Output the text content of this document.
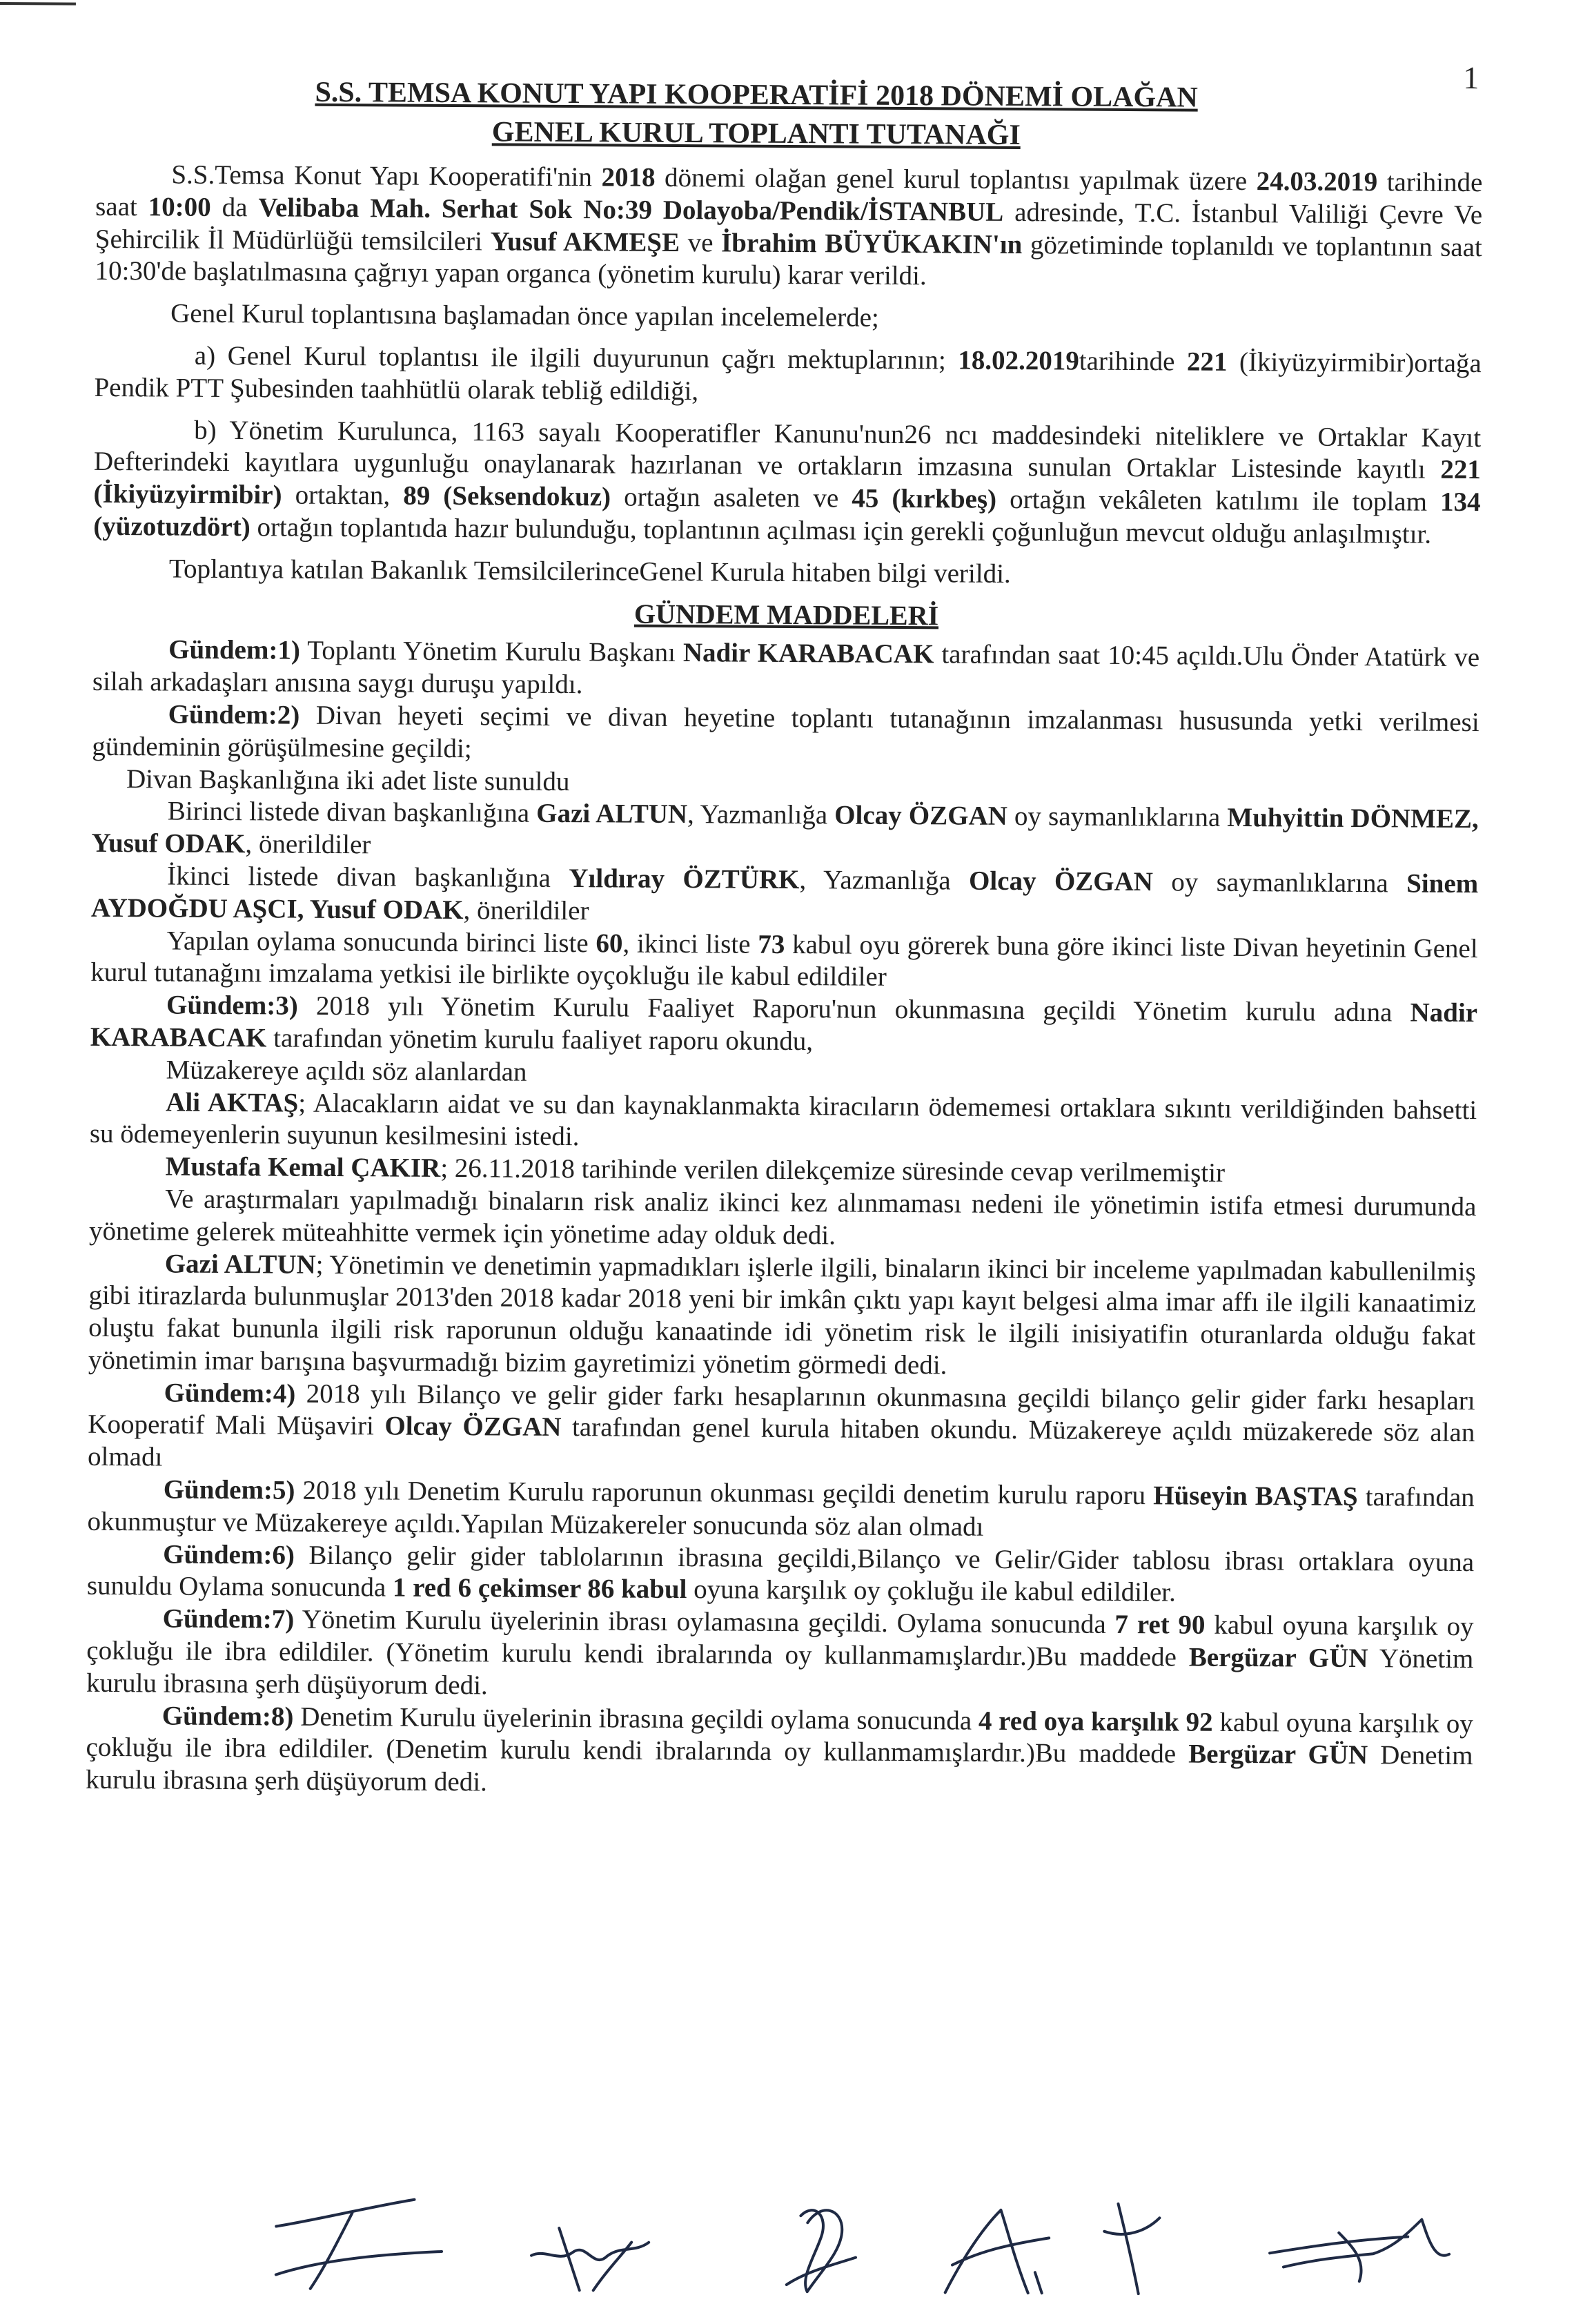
1
S.S. TEMSA KONUT YAPI KOOPERATİFİ 2018 DÖNEMİ OLAĞAN
GENEL KURUL TOPLANTI TUTANAĞI

S.S.Temsa Konut Yapı Kooperatifi'nin 2018 dönemi olağan genel kurul toplantısı yapılmak üzere 24.03.2019 tarihinde saat 10:00 da Velibaba Mah. Serhat Sok No:39 Dolayoba/Pendik/İSTANBUL adresinde, T.C. İstanbul Valiliği Çevre Ve Şehircilik İl Müdürlüğü temsilcileri Yusuf AKMEŞE ve İbrahim BÜYÜKAKIN'ın gözetiminde toplanıldı ve toplantının saat 10:30'de başlatılmasına çağrıyı yapan organca (yönetim kurulu) karar verildi.

Genel Kurul toplantısına başlamadan önce yapılan incelemelerde;

a) Genel Kurul toplantısı ile ilgili duyurunun çağrı mektuplarının; 18.02.2019tarihinde 221 (İkiyüzyirmibir)ortağa Pendik PTT Şubesinden taahhütlü olarak tebliğ edildiği,

b) Yönetim Kurulunca, 1163 sayalı Kooperatifler Kanunu'nun26 ncı maddesindeki niteliklere ve Ortaklar Kayıt Defterindeki kayıtlara uygunluğu onaylanarak hazırlanan ve ortakların imzasına sunulan Ortaklar Listesinde kayıtlı 221 (İkiyüzyirmibir) ortaktan, 89 (Seksendokuz) ortağın asaleten ve 45 (kırkbeş) ortağın vekâleten katılımı ile toplam 134 (yüzotuzdört) ortağın toplantıda hazır bulunduğu, toplantının açılması için gerekli çoğunluğun mevcut olduğu anlaşılmıştır.

Toplantıya katılan Bakanlık TemsilcilerinceGenel Kurula hitaben bilgi verildi.

GÜNDEM MADDELERİ

Gündem:1) Toplantı Yönetim Kurulu Başkanı Nadir KARABACAK tarafından saat 10:45 açıldı.Ulu Önder Atatürk ve silah arkadaşları anısına saygı duruşu yapıldı.

Gündem:2) Divan heyeti seçimi ve divan heyetine toplantı tutanağının imzalanması hususunda yetki verilmesi gündeminin görüşülmesine geçildi;

Divan Başkanlığına iki adet liste sunuldu

Birinci listede divan başkanlığına Gazi ALTUN, Yazmanlığa Olcay ÖZGAN oy saymanlıklarına Muhyittin DÖNMEZ, Yusuf ODAK, önerildiler

İkinci listede divan başkanlığına Yıldıray ÖZTÜRK, Yazmanlığa Olcay ÖZGAN oy saymanlıklarına Sinem AYDOĞDU AŞCI, Yusuf ODAK, önerildiler

Yapılan oylama sonucunda birinci liste 60, ikinci liste 73 kabul oyu görerek buna göre ikinci liste Divan heyetinin Genel kurul tutanağını imzalama yetkisi ile birlikte oyçokluğu ile kabul edildiler

Gündem:3) 2018 yılı Yönetim Kurulu Faaliyet Raporu'nun okunmasına geçildi Yönetim kurulu adına Nadir KARABACAK tarafından yönetim kurulu faaliyet raporu okundu,

Müzakereye açıldı söz alanlardan

Ali AKTAŞ; Alacakların aidat ve su dan kaynaklanmakta kiracıların ödememesi ortaklara sıkıntı verildiğinden bahsetti su ödemeyenlerin suyunun kesilmesini istedi.

Mustafa Kemal ÇAKIR; 26.11.2018 tarihinde verilen dilekçemize süresinde cevap verilmemiştir

Ve araştırmaları yapılmadığı binaların risk analiz ikinci kez alınmaması nedeni ile yönetimin istifa etmesi durumunda yönetime gelerek müteahhitte vermek için yönetime aday olduk dedi.

Gazi ALTUN; Yönetimin ve denetimin yapmadıkları işlerle ilgili, binaların ikinci bir inceleme yapılmadan kabullenilmiş gibi itirazlarda bulunmuşlar 2013'den 2018 kadar 2018 yeni bir imkân çıktı yapı kayıt belgesi alma imar affı ile ilgili kanaatimiz oluştu fakat bununla ilgili risk raporunun olduğu kanaatinde idi yönetim risk le ilgili inisiyatifin oturanlarda olduğu fakat yönetimin imar barışına başvurmadığı bizim gayretimizi yönetim görmedi dedi.

Gündem:4) 2018 yılı Bilanço ve gelir gider farkı hesaplarının okunmasına geçildi bilanço gelir gider farkı hesapları Kooperatif Mali Müşaviri Olcay ÖZGAN tarafından genel kurula hitaben okundu. Müzakereye açıldı müzakerede söz alan olmadı

Gündem:5) 2018 yılı Denetim Kurulu raporunun okunması geçildi denetim kurulu raporu Hüseyin BAŞTAŞ tarafından okunmuştur ve Müzakereye açıldı.Yapılan Müzakereler sonucunda söz alan olmadı

Gündem:6) Bilanço gelir gider tablolarının ibrasına geçildi,Bilanço ve Gelir/Gider tablosu ibrası ortaklara oyuna sunuldu Oylama sonucunda 1 red 6 çekimser 86 kabul oyuna karşılık oy çokluğu ile kabul edildiler.

Gündem:7) Yönetim Kurulu üyelerinin ibrası oylamasına geçildi. Oylama sonucunda 7 ret 90 kabul oyuna karşılık oy çokluğu ile ibra edildiler. (Yönetim kurulu kendi ibralarında oy kullanmamışlardır.)Bu maddede Bergüzar GÜN Yönetim kurulu ibrasına şerh düşüyorum dedi.

Gündem:8) Denetim Kurulu üyelerinin ibrasına geçildi oylama sonucunda 4 red oya karşılık 92 kabul oyuna karşılık oy çokluğu ile ibra edildiler. (Denetim kurulu kendi ibralarında oy kullanmamışlardır.)Bu maddede Bergüzar GÜN Denetim kurulu ibrasına şerh düşüyorum dedi.
